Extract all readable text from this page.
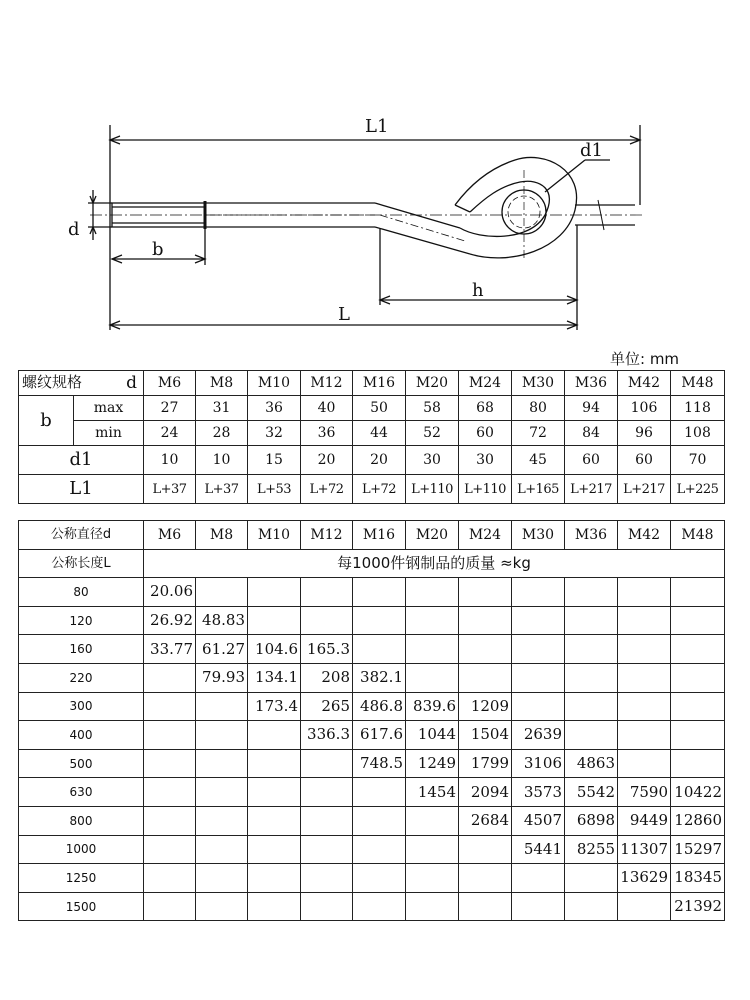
L1
d1
d
b
h
L
单位: mm
螺纹规格 d		M6	M8	M10	M12	M16	M20	M24	M30	M36	M42	M48
b	max	27	31	36	40	50	58	68	80	94	106	118
	min	24	28	32	36	44	52	60	72	84	96	108
d1		10	10	15	20	20	30	30	45	60	60	70
L1		L+37	L+37	L+53	L+72	L+72	L+110	L+110	L+165	L+217	L+217	L+225
公称直径d	M6	M8	M10	M12	M16	M20	M24	M30	M36	M42	M48
公称长度L	每1000件钢制品的质量 ≈kg										
80	20.06										
120	26.92	48.83									
160	33.77	61.27	104.6	165.3							
220		79.93	134.1	208	382.1						
300			173.4	265	486.8	839.6	1209				
400				336.3	617.6	1044	1504	2639			
500					748.5	1249	1799	3106	4863		
630						1454	2094	3573	5542	7590	10422
800							2684	4507	6898	9449	12860
1000								5441	8255	11307	15297
1250										13629	18345
1500											21392
